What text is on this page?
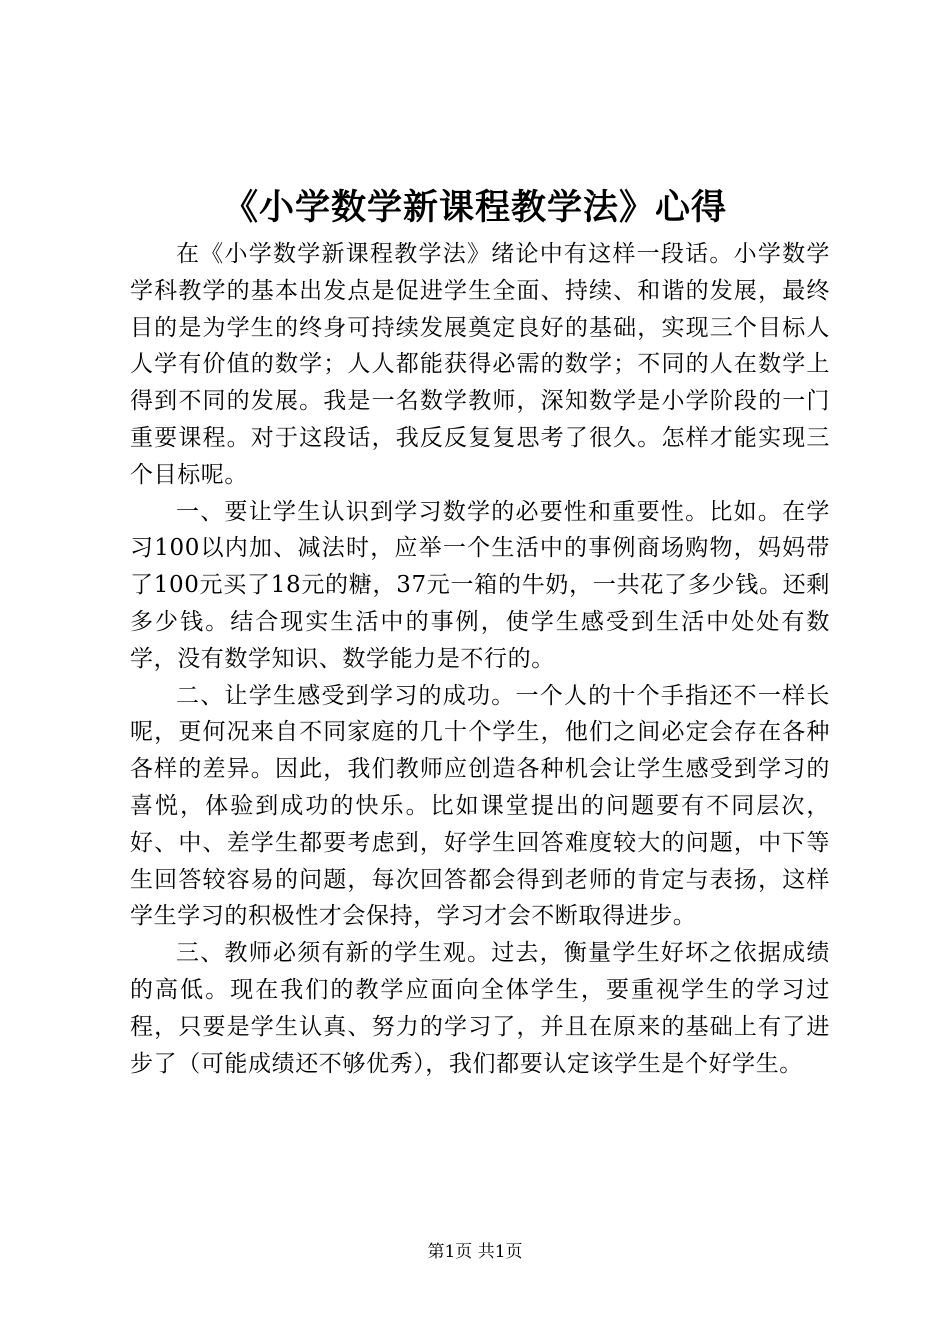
《小学数学新课程教学法》心得

在《小学数学新课程教学法》绪论中有这样一段话。小学数学学科教学的基本出发点是促进学生全面、持续、和谐的发展，最终目的是为学生的终身可持续发展奠定良好的基础，实现三个目标人人学有价值的数学；人人都能获得必需的数学；不同的人在数学上得到不同的发展。我是一名数学教师，深知数学是小学阶段的一门重要课程。对于这段话，我反反复复思考了很久。怎样才能实现三个目标呢。

一、要让学生认识到学习数学的必要性和重要性。比如。在学习100以内加、减法时，应举一个生活中的事例商场购物，妈妈带了100元买了18元的糖，37元一箱的牛奶，一共花了多少钱。还剩多少钱。结合现实生活中的事例，使学生感受到生活中处处有数学，没有数学知识、数学能力是不行的。

二、让学生感受到学习的成功。一个人的十个手指还不一样长呢，更何况来自不同家庭的几十个学生，他们之间必定会存在各种各样的差异。因此，我们教师应创造各种机会让学生感受到学习的喜悦，体验到成功的快乐。比如课堂提出的问题要有不同层次，好、中、差学生都要考虑到，好学生回答难度较大的问题，中下等生回答较容易的问题，每次回答都会得到老师的肯定与表扬，这样学生学习的积极性才会保持，学习才会不断取得进步。

三、教师必须有新的学生观。过去，衡量学生好坏之依据成绩的高低。现在我们的教学应面向全体学生，要重视学生的学习过程，只要是学生认真、努力的学习了，并且在原来的基础上有了进步了（可能成绩还不够优秀），我们都要认定该学生是个好学生。

第1页 共1页
